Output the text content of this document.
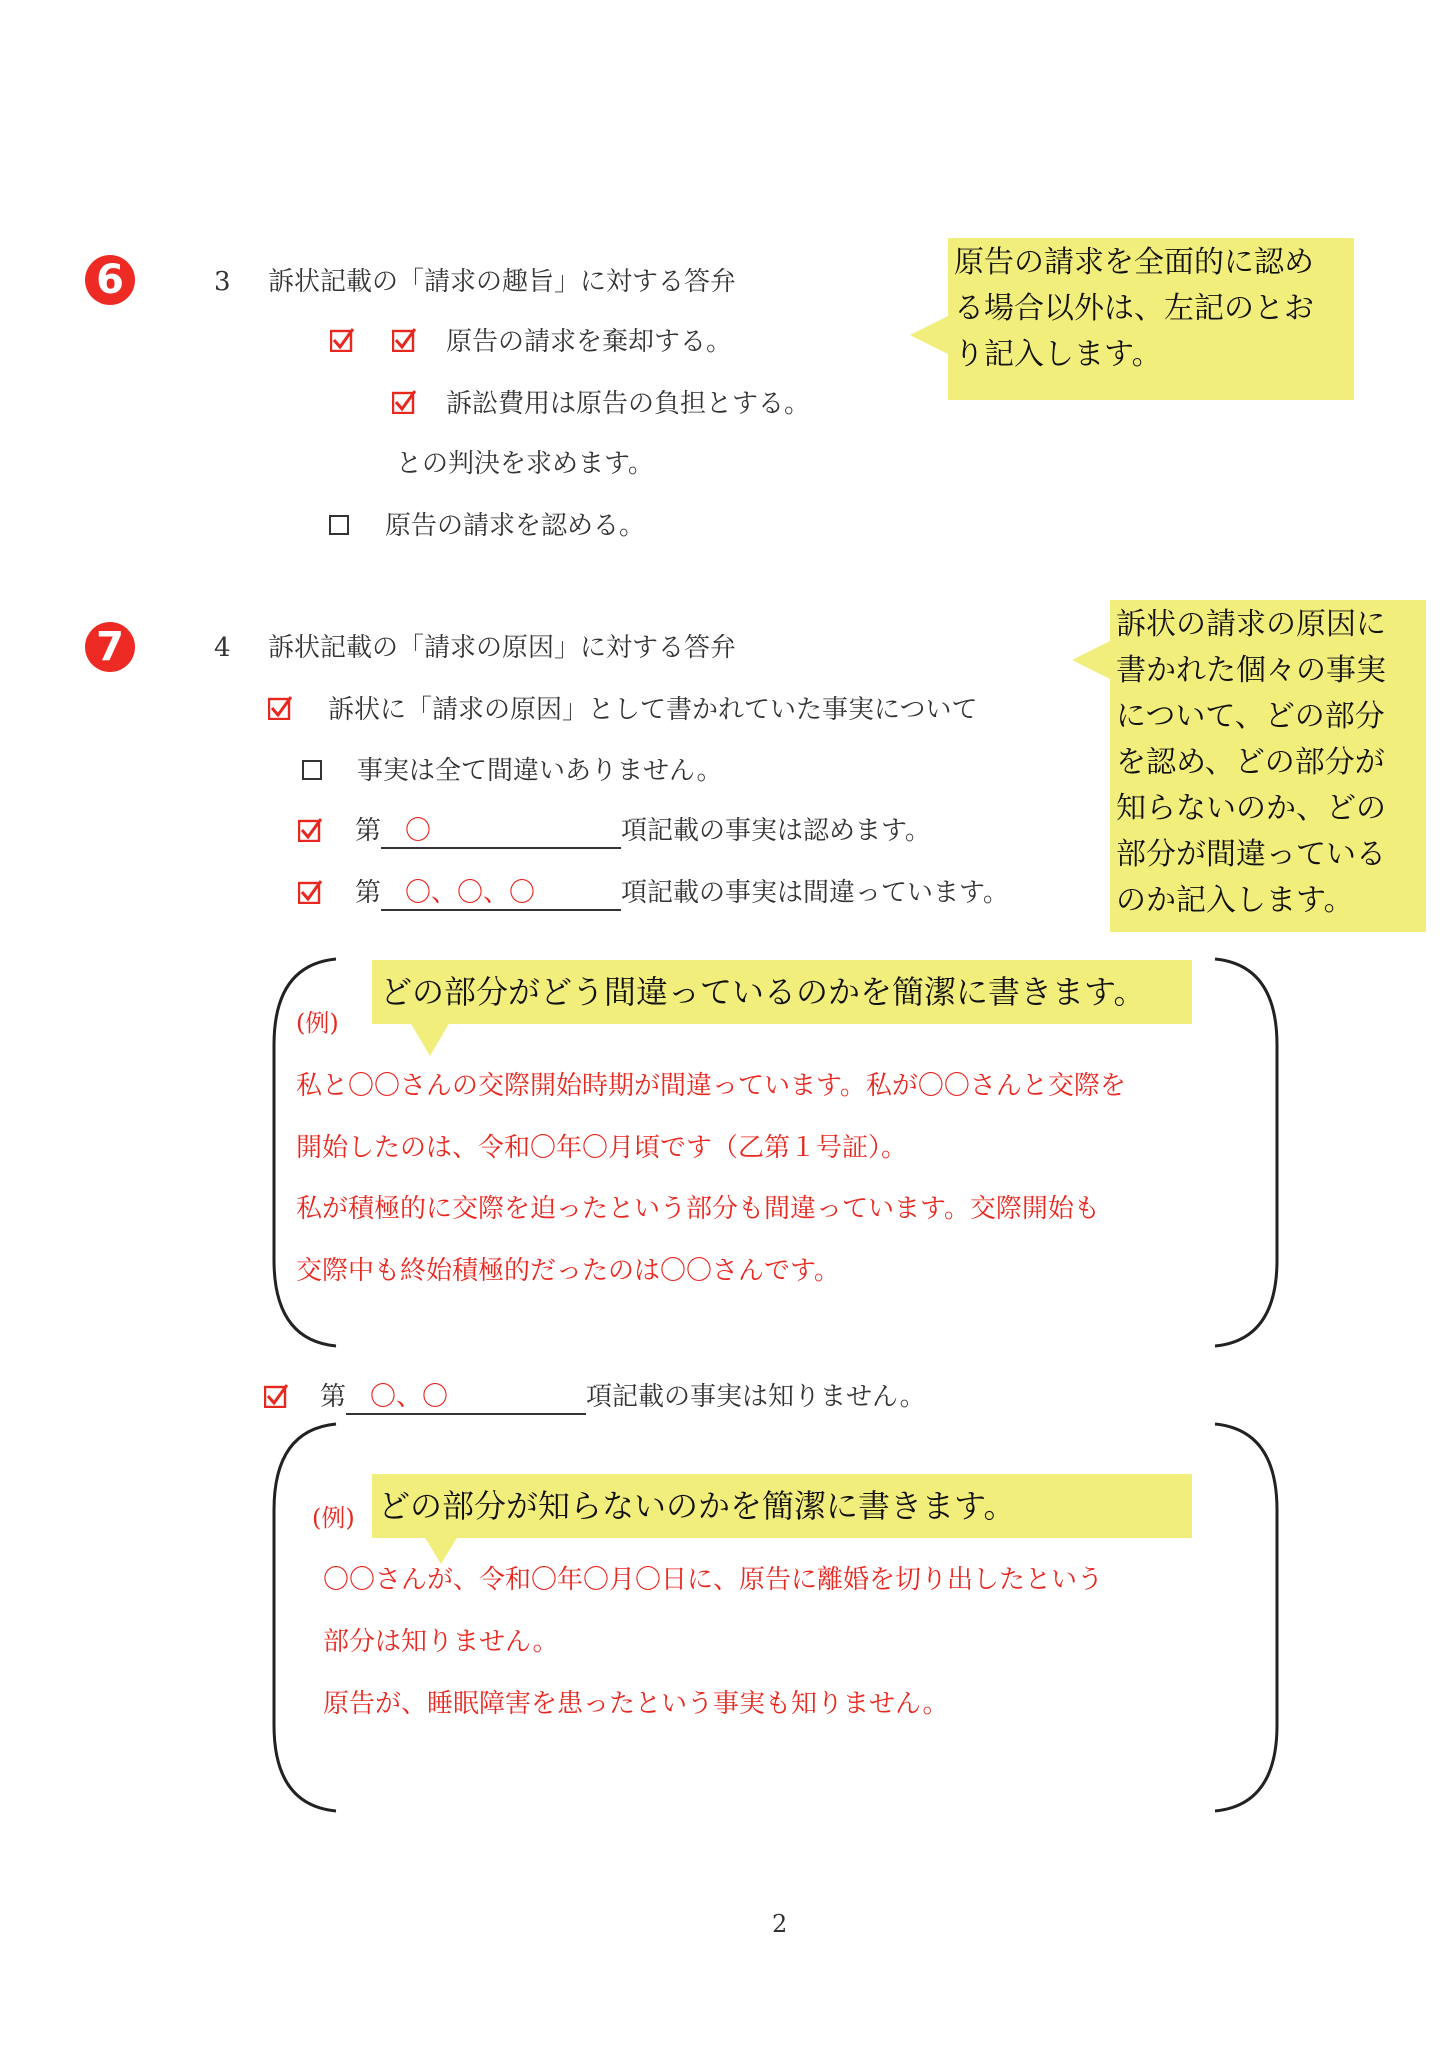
6	3 訴状記載の「請求の趣旨」に対する答弁
原告の請求を棄却する。
訴訟費用は原告の負担とする。
との判決を求めます。
原告の請求を認める。
原告の請求を全面的に認め
る場合以外は、左記のとお
り記入します。
7	4 訴状記載の「請求の原因」に対する答弁
訴状に「請求の原因」として書かれていた事実について
事実は全て間違いありません。
第 〇	項記載の事実は認めます。
第 〇、〇、〇	項記載の事実は間違っています。
訴状の請求の原因に
書かれた個々の事実
について、どの部分
を認め、どの部分が
知らないのか、どの
部分が間違っている
のか記入します。
(例)
どの部分がどう間違っているのかを簡潔に書きます。
私と〇〇さんの交際開始時期が間違っています。私が〇〇さんと交際を
開始したのは、令和〇年〇月頃です（乙第１号証）。
私が積極的に交際を迫ったという部分も間違っています。交際開始も
交際中も終始積極的だったのは〇〇さんです。
第 〇、〇	項記載の事実は知りません。
(例) どの部分が知らないのかを簡潔に書きます。
〇〇さんが、令和〇年〇月〇日に、原告に離婚を切り出したという
部分は知りません。
原告が、睡眠障害を患ったという事実も知りません。
2
